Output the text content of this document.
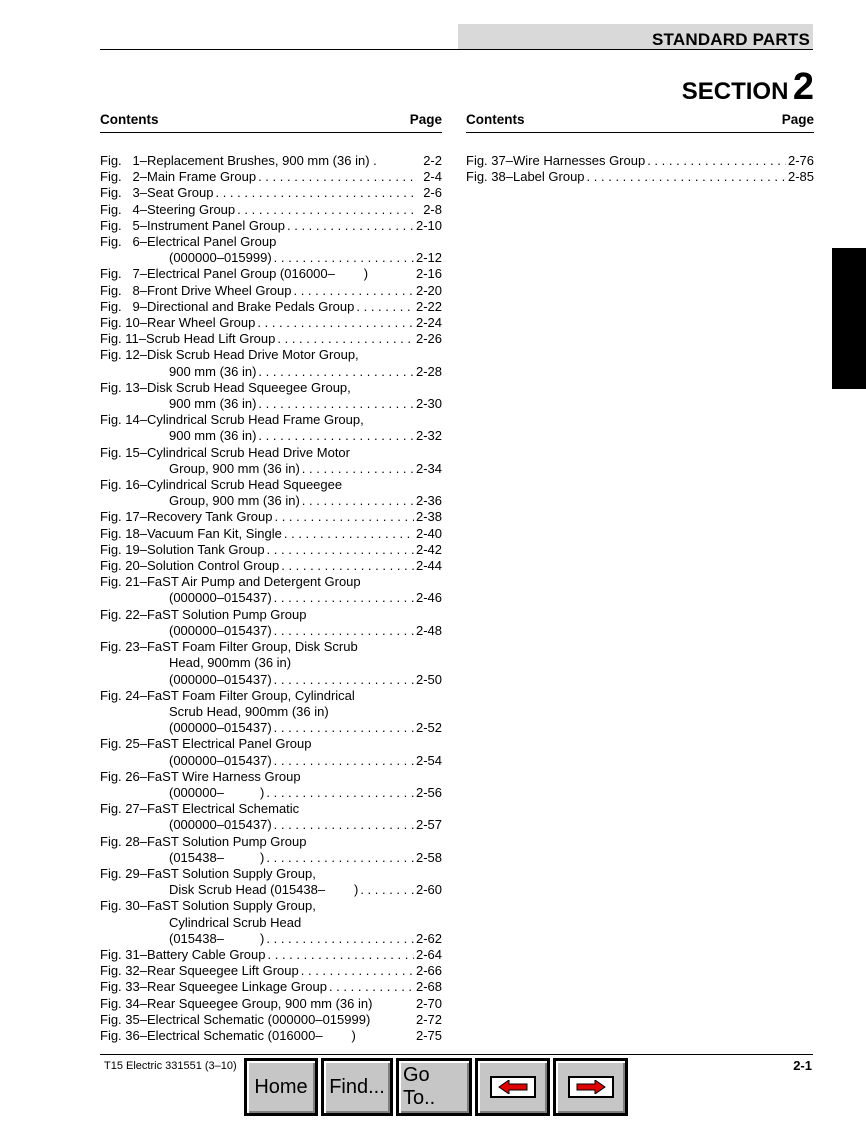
STANDARD PARTS
SECTION 2
Contents	Page
Fig.   1 – Replacement Brushes, 900 mm (36 in) .	2-2
Fig.   2 – Main Frame Group . . .	2-4
Fig.   3 – Seat Group . . .	2-6
Fig.   4 – Steering Group . . .	2-8
Fig.   5 – Instrument Panel Group . . .	2-10
Fig.   6 – Electrical Panel Group
(000000–015999) . . .	2-12
Fig.   7 – Electrical Panel Group (016000–        )	2-16
Fig.   8 – Front Drive Wheel Group . . .	2-20
Fig.   9 – Directional and Brake Pedals Group . . .	2-22
Fig. 10 – Rear Wheel Group . . .	2-24
Fig. 11 – Scrub Head Lift Group . . .	2-26
Fig. 12 – Disk Scrub Head Drive Motor Group,
900 mm (36 in) . . .	2-28
Fig. 13 – Disk Scrub Head Squeegee Group,
900 mm (36 in) . . .	2-30
Fig. 14 – Cylindrical Scrub Head Frame Group,
900 mm (36 in) . . .	2-32
Fig. 15 – Cylindrical Scrub Head Drive Motor
Group, 900 mm (36 in) . . .	2-34
Fig. 16 – Cylindrical Scrub Head Squeegee
Group, 900 mm (36 in) . . .	2-36
Fig. 17 – Recovery Tank Group . . .	2-38
Fig. 18 – Vacuum Fan Kit, Single . . .	2-40
Fig. 19 – Solution Tank Group . . .	2-42
Fig. 20 – Solution Control Group . . .	2-44
Fig. 21 – FaST Air Pump and Detergent Group
(000000–015437) . . .	2-46
Fig. 22 – FaST Solution Pump Group
(000000–015437) . . .	2-48
Fig. 23 – FaST Foam Filter Group, Disk Scrub
Head, 900mm (36 in)
(000000–015437) . . .	2-50
Fig. 24 – FaST Foam Filter Group, Cylindrical
Scrub Head, 900mm (36 in)
(000000–015437) . . .	2-52
Fig. 25 – FaST Electrical Panel Group
(000000–015437) . . .	2-54
Fig. 26 – FaST Wire Harness Group
(000000–          ) . . .	2-56
Fig. 27 – FaST Electrical Schematic
(000000–015437) . . .	2-57
Fig. 28 – FaST Solution Pump Group
(015438–          ) . . .	2-58
Fig. 29 – FaST Solution Supply Group,
Disk Scrub Head (015438–        ) . . .	2-60
Fig. 30 – FaST Solution Supply Group,
Cylindrical Scrub Head
(015438–          ) . . .	2-62
Fig. 31 – Battery Cable Group . . .	2-64
Fig. 32 – Rear Squeegee Lift Group . . .	2-66
Fig. 33 – Rear Squeegee Linkage Group . . .	2-68
Fig. 34 – Rear Squeegee Group, 900 mm (36 in)	2-70
Fig. 35 – Electrical Schematic (000000–015999)	2-72
Fig. 36 – Electrical Schematic (016000–        )	2-75
Contents	Page
Fig. 37 – Wire Harnesses Group . . .	2-76
Fig. 38 – Label Group . . .	2-85
T15 Electric 331551 (3–10)	2-1
Home	Find...
Go To..
